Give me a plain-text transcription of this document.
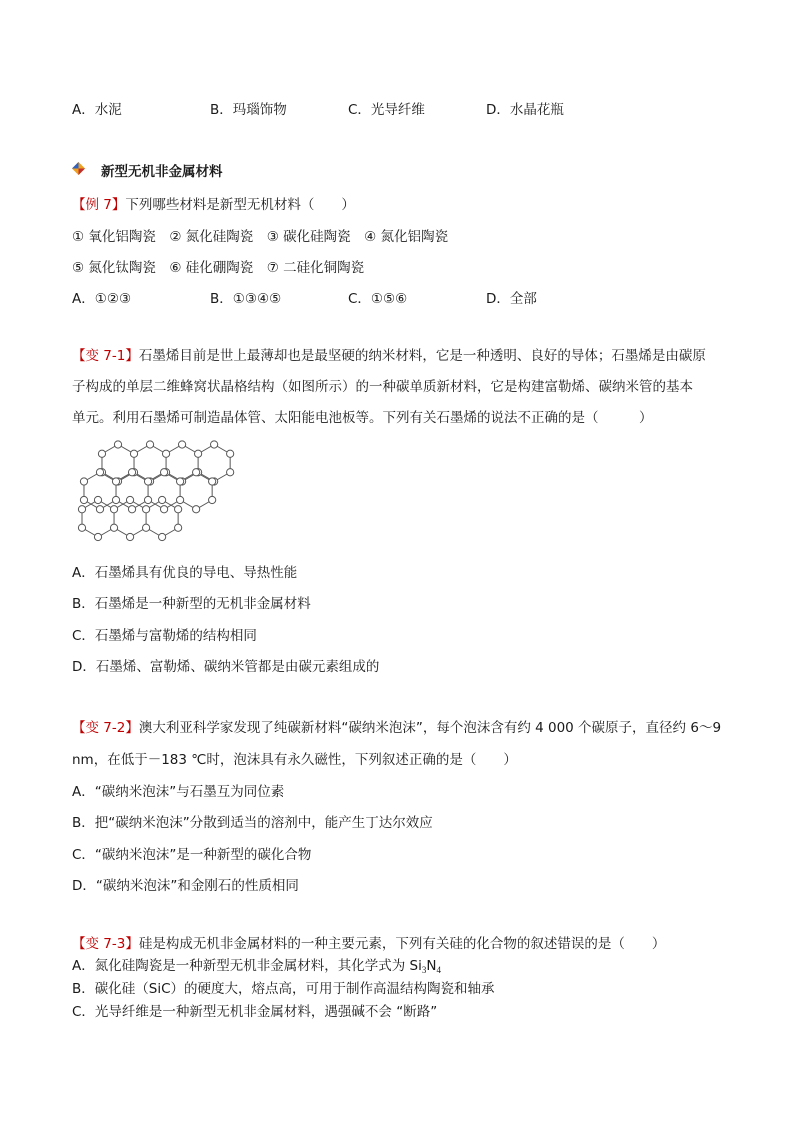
A．水泥	B．玛瑙饰物	C．光导纤维	D．水晶花瓶
新型无机非金属材料
【例 7】下列哪些材料是新型无机材料（　　）
① 氧化铝陶瓷　② 氮化硅陶瓷　③ 碳化硅陶瓷　④ 氮化铝陶瓷
⑤ 氮化钛陶瓷　⑥ 硅化硼陶瓷　⑦ 二硅化铜陶瓷
A．①②③	B．①③④⑤	C．①⑤⑥	D．全部
【变 7-1】石墨烯目前是世上最薄却也是最坚硬的纳米材料，它是一种透明、良好的导体；石墨烯是由碳原
子构成的单层二维蜂窝状晶格结构（如图所示）的一种碳单质新材料，它是构建富勒烯、碳纳米管的基本
单元。利用石墨烯可制造晶体管、太阳能电池板等。下列有关石墨烯的说法不正确的是（　　　）
A．石墨烯具有优良的导电、导热性能
B．石墨烯是一种新型的无机非金属材料
C．石墨烯与富勒烯的结构相同
D．石墨烯、富勒烯、碳纳米管都是由碳元素组成的
【变 7-2】澳大利亚科学家发现了纯碳新材料“碳纳米泡沫”，每个泡沫含有约 4 000 个碳原子，直径约 6～9
nm，在低于－183 ℃时，泡沫具有永久磁性，下列叙述正确的是（　　）
A．“碳纳米泡沫”与石墨互为同位素
B．把“碳纳米泡沫”分散到适当的溶剂中，能产生丁达尔效应
C．“碳纳米泡沫”是一种新型的碳化合物
D．“碳纳米泡沫”和金刚石的性质相同
【变 7-3】硅是构成无机非金属材料的一种主要元素，下列有关硅的化合物的叙述错误的是（　　）
A．氮化硅陶瓷是一种新型无机非金属材料，其化学式为 $Si_3N_4$
B．碳化硅（SiC）的硬度大，熔点高，可用于制作高温结构陶瓷和轴承
C．光导纤维是一种新型无机非金属材料，遇强碱不会 “断路”
